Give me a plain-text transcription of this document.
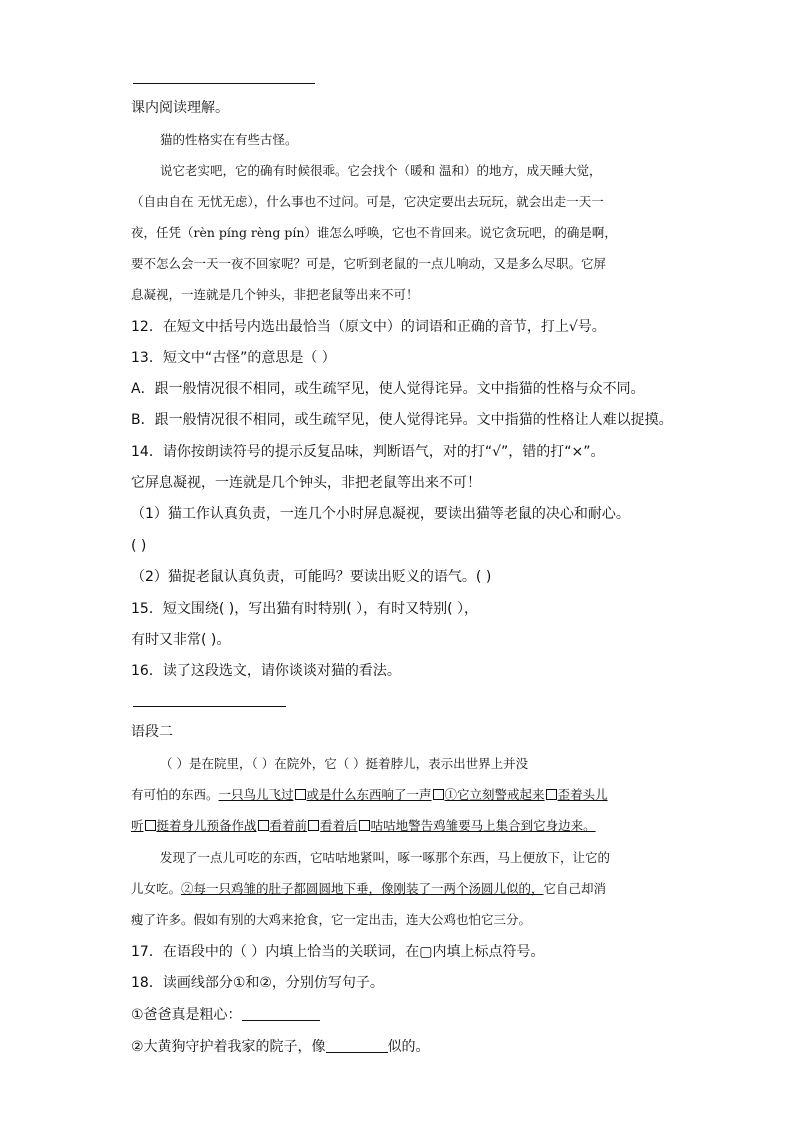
课内阅读理解。
猫的性格实在有些古怪。
说它老实吧，它的确有时候很乖。它会找个（暖和 温和）的地方，成天睡大觉，
（自由自在 无忧无虑），什么事也不过问。可是，它决定要出去玩玩，就会出走一天一
夜，任凭（rèn píng rèng pín）谁怎么呼唤，它也不肯回来。说它贪玩吧，的确是啊，
要不怎么会一天一夜不回家呢？可是，它听到老鼠的一点儿响动，又是多么尽职。它屏
息凝视，一连就是几个钟头，非把老鼠等出来不可！
12．在短文中括号内选出最恰当（原文中）的词语和正确的音节，打上√号。
13．短文中“古怪”的意思是（ ）
A．跟一般情况很不相同，或生疏罕见，使人觉得诧异。文中指猫的性格与众不同。
B．跟一般情况很不相同，或生疏罕见，使人觉得诧异。文中指猫的性格让人难以捉摸。
14．请你按朗读符号的提示反复品味，判断语气，对的打“√”，错的打“×”。
它屏息凝视，一连就是几个钟头，非把老鼠等出来不可！
（1）猫工作认真负责，一连几个小时屏息凝视，要读出猫等老鼠的决心和耐心。
( )
（2）猫捉老鼠认真负责，可能吗？要读出贬义的语气。( )
15．短文围绕( )，写出猫有时特别( ），有时又特别( ），
有时又非常( )。
16．读了这段选文，请你谈谈对猫的看法。
语段二
（ ）是在院里，（ ）在院外，它（ ）挺着脖儿，表示出世界上并没
有可怕的东西。一只鸟儿飞过 或是什么东西响了一声 ①它立刻警戒起来 歪着头儿
听 挺着身儿预备作战 看着前 看着后 咕咕地警告鸡雏要马上集合到它身边来。
发现了一点儿可吃的东西，它咕咕地紧叫，啄一啄那个东西，马上便放下，让它的
儿女吃。②每一只鸡雏的肚子都圆圆地下垂，像刚装了一两个汤圆儿似的，它自己却消
瘦了许多。假如有别的大鸡来抢食，它一定出击，连大公鸡也怕它三分。
17．在语段中的（ ）内填上恰当的关联词，在▢内填上标点符号。
18．读画线部分①和②，分别仿写句子。
①爸爸真是粗心：
②大黄狗守护着我家的院子，像	似的。
